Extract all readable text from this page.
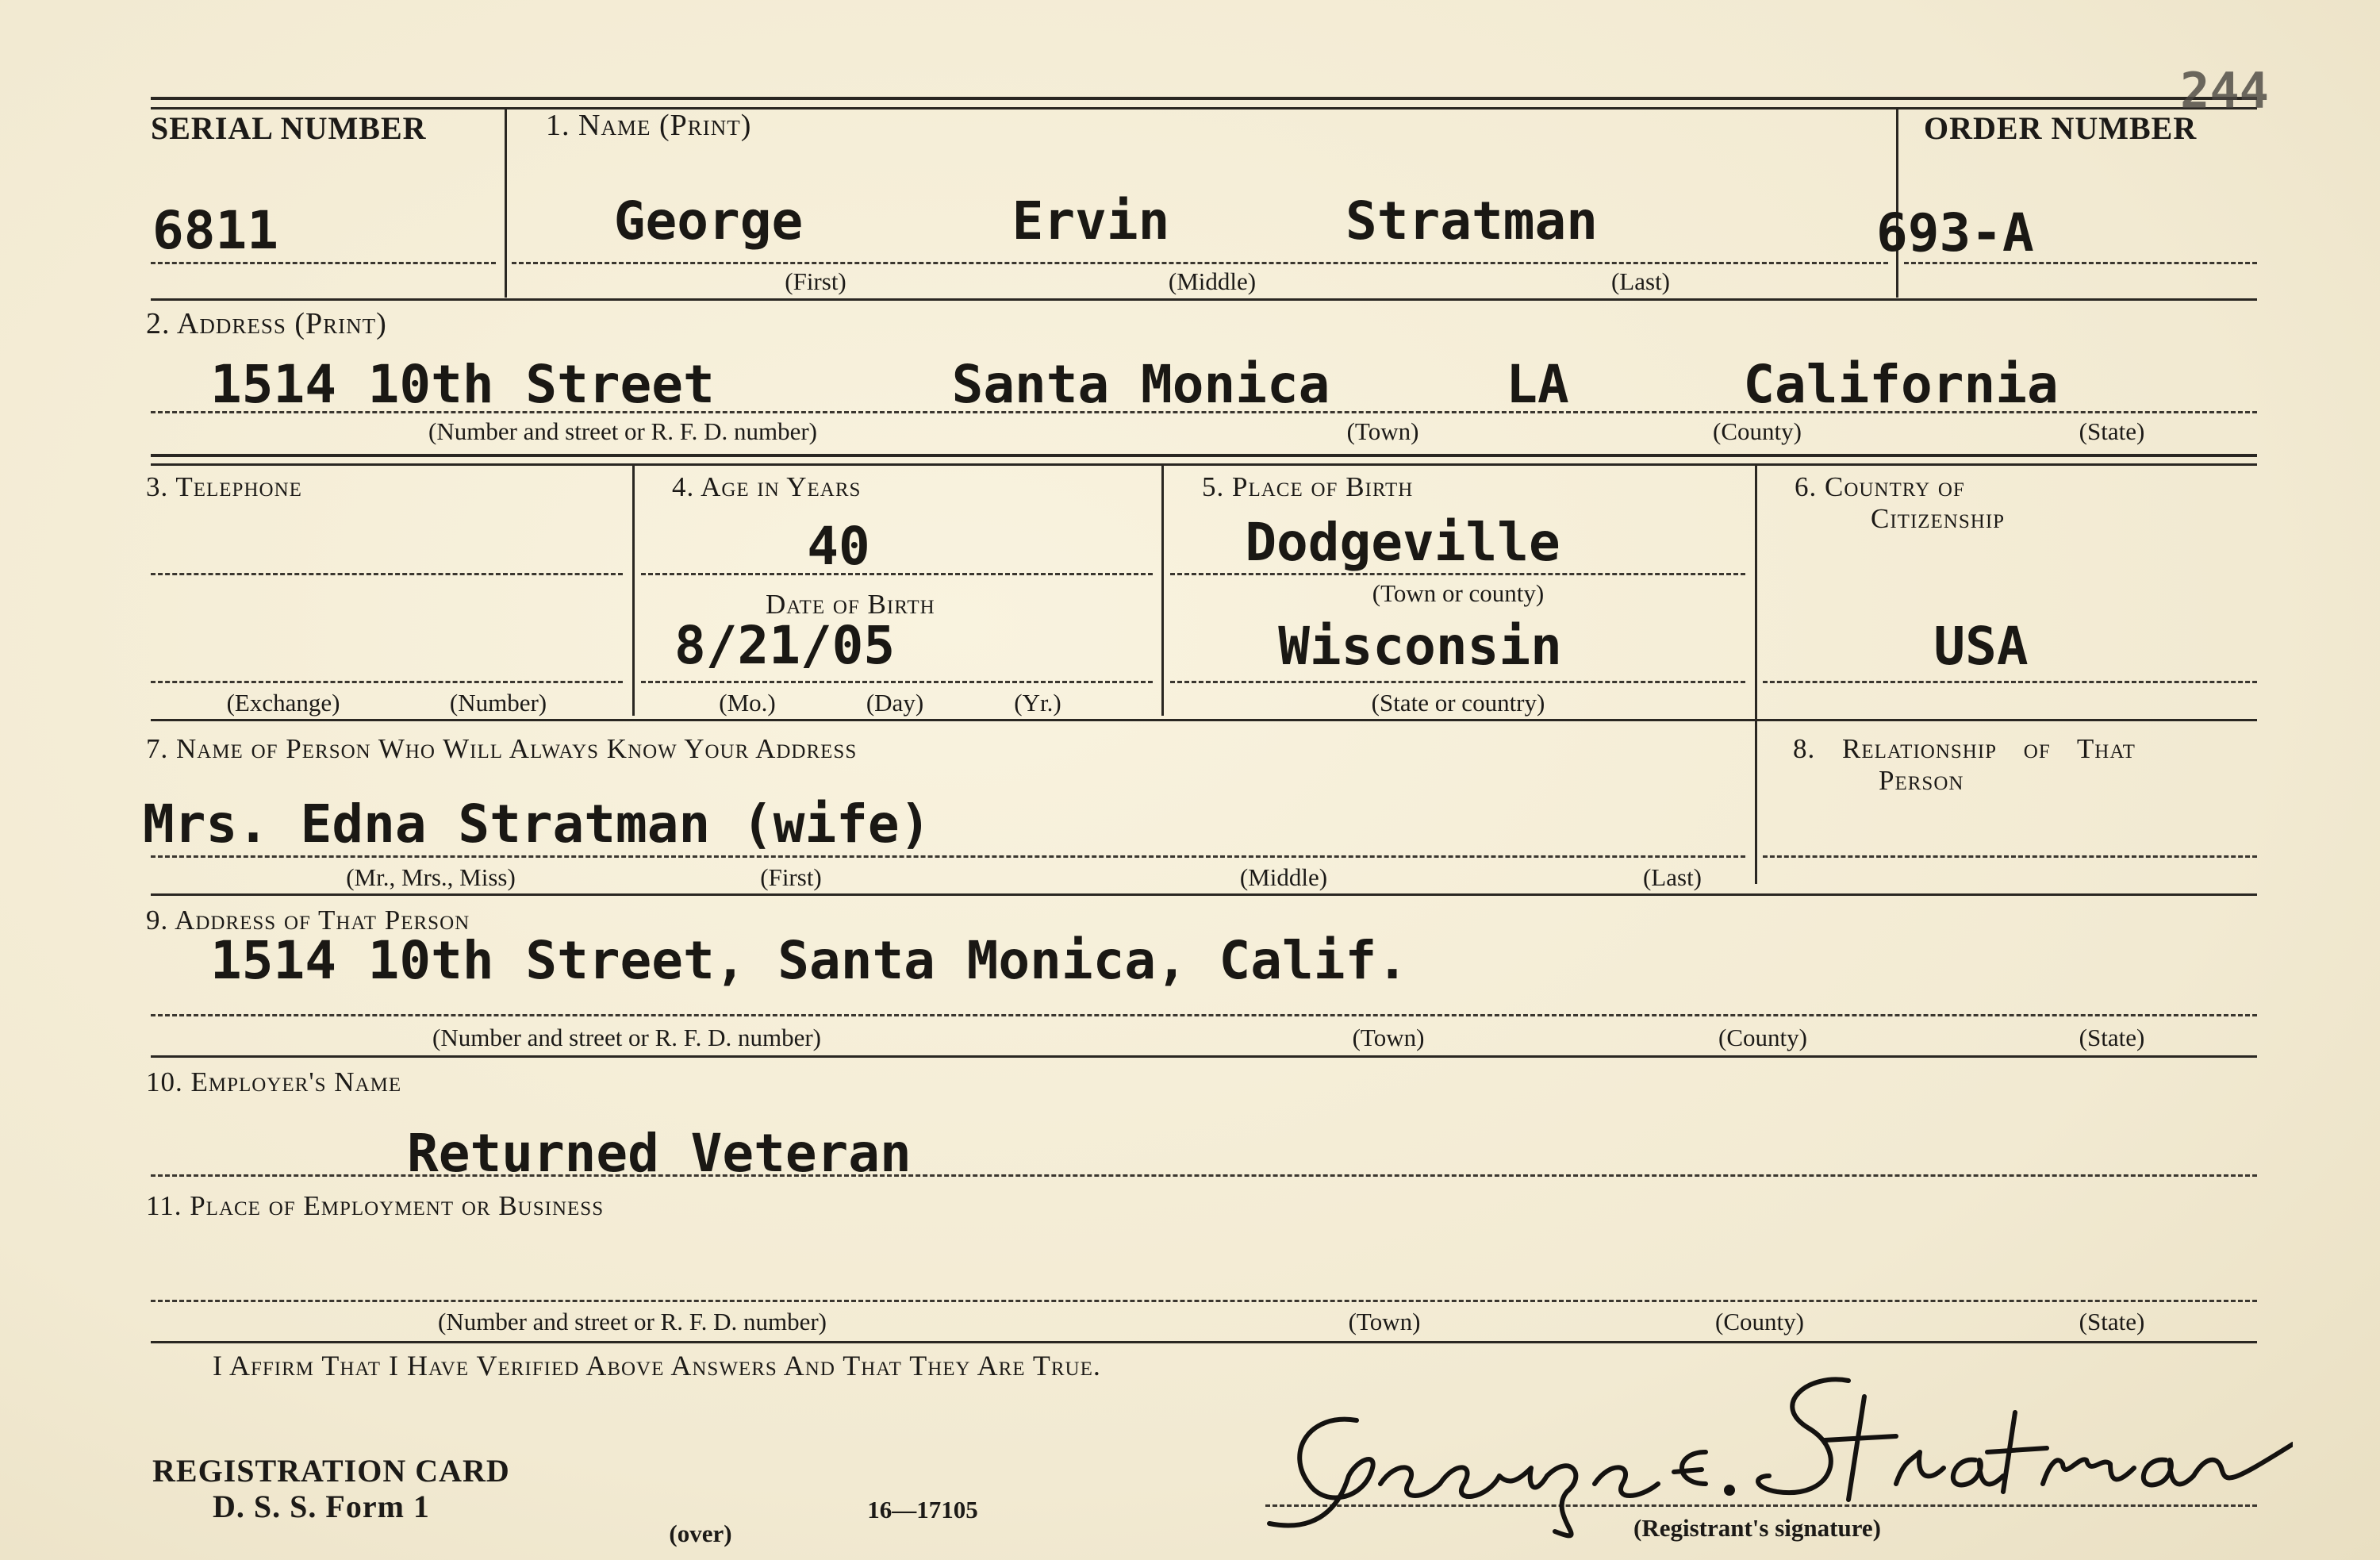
SERIAL NUMBER	1. Name (Print)	ORDER NUMBER
244
6811	George	Ervin	Stratman	693-A
(First)	(Middle)	(Last)
2. Address (Print)
1514 10th Street	Santa Monica	LA	California
(Number and street or R. F. D. number)	(Town)	(County)	(State)
3. Telephone
(Exchange)	(Number)
4. Age in Years
40
Date of Birth
8/21/05
(Mo.)	(Day)	(Yr.)
5. Place of Birth
Dodgeville
(Town or county)
Wisconsin
(State or country)
6. Country of
Citizenship
USA
7. Name of Person Who Will Always Know Your Address
Mrs. Edna Stratman (wife)
(Mr., Mrs., Miss)	(First)	(Middle)	(Last)
8. Relationship of That
Person
9. Address of That Person
1514 10th Street, Santa Monica, Calif.
(Number and street or R. F. D. number)	(Town)	(County)	(State)
10. Employer's Name
Returned Veteran
11. Place of Employment or Business
(Number and street or R. F. D. number)	(Town)	(County)	(State)
I Affirm That I Have Verified Above Answers And That They Are True.
REGISTRATION CARD
D. S. S. Form 1
(over)
16—17105
(Registrant's signature)
